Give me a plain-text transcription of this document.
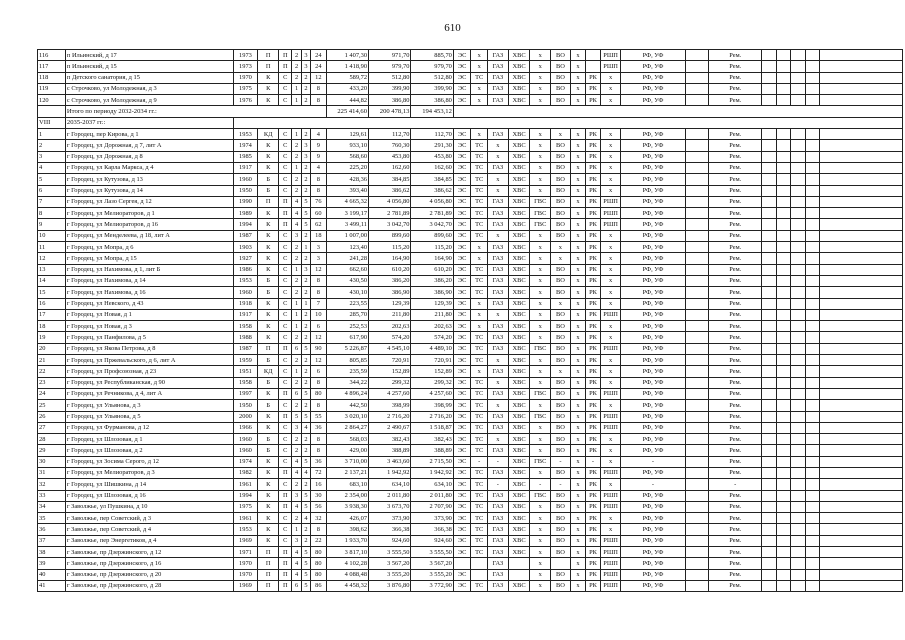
610
116	п Ильинский, д 17	1973	П	П	2	3	24	1 407,30	971,70	885,70	ЭС	х	ГАЗ	ХВС	х	ВО	х		РШП	РФ, УФ		Рем.					
117	п Ильинский, д 15	1973	П	П	2	3	24	1 418,90	979,70	979,70	ЭС	х	ГАЗ	ХВС	х	ВО	х		РШП	РФ, УФ		Рем.					
118	п Детского санатория, д 15	1970	К	С	2	2	12	589,72	512,80	512,80	ЭС	ТС	ГАЗ	ХВС	х	ВО	х	РК	х	РФ, УФ		Рем.					
119	с Строчково, ул Молодежная, д 3	1975	К	С	1	2	8	433,20	399,90	399,90	ЭС	х	ГАЗ	ХВС	х	ВО	х	РК	х	РФ, УФ		Рем.					
120	с Строчково, ул Молодежная, д 9	1976	К	С	1	2	8	444,82	386,80	386,80	ЭС	х	ГАЗ	ХВС	х	ВО	х	РК	х	РФ, УФ		Рем.					
	Итого по периоду 2032-2034 гг.:							225 414,60	200 478,13	194 453,12																	
VIII	2035-2037 гг.:																										
1	г Городец, пер Кирова, д 1	1953	КД	С	1	2	4	129,61	112,70	112,70	ЭС	х	ГАЗ	ХВС	х	х	х	РК	х	РФ, УФ		Рем.					
2	г Городец, ул Дорожная, д 7, лит А	1974	К	С	2	3	9	933,10	760,30	291,30	ЭС	ТС	х	ХВС	х	ВО	х	РК	х	РФ, УФ		Рем.					
3	г Городец, ул Дорожная, д 8	1985	К	С	2	3	9	568,60	453,80	453,80	ЭС	ТС	х	ХВС	х	ВО	х	РК	х	РФ, УФ		Рем.					
4	г Городец, ул Карла Маркса, д 4	1917	К	С	1	2	4	225,20	162,60	162,60	ЭС	ТС	ГАЗ	ХВС	х	ВО	х	РК	х	РФ, УФ		Рем.					
5	г Городец, ул Кутузова, д 13	1960	Б	С	2	2	8	428,36	384,85	384,85	ЭС	ТС	х	ХВС	х	ВО	х	РК	х	РФ, УФ		Рем.					
6	г Городец, ул Кутузова, д 14	1950	Б	С	2	2	8	393,40	386,62	386,62	ЭС	ТС	х	ХВС	х	ВО	х	РК	х	РФ, УФ		Рем.					
7	г Городец, ул Лазо Сергея, д 12	1990	П	П	4	5	76	4 665,32	4 056,80	4 056,80	ЭС	ТС	ГАЗ	ХВС	ГВС	ВО	х	РК	РШП	РФ, УФ		Рем.					
8	г Городец, ул Мелиораторов, д 1	1989	К	П	4	5	60	3 199,17	2 781,89	2 781,89	ЭС	ТС	ГАЗ	ХВС	ГВС	ВО	х	РК	РШП	РФ, УФ		Рем.					
9	г Городец, ул Мелиораторов, д 16	1994	К	П	4	5	62	3 499,11	3 042,70	3 042,70	ЭС	ТС	ГАЗ	ХВС	ГВС	ВО	х	РК	РШП	РФ, УФ		Рем.					
10	г Городец, ул Менделеева, д 18, лит А	1987	К	С	3	2	18	1 007,00	899,60	899,60	ЭС	ТС	х	ХВС	х	ВО	х	РК	х	РФ, УФ		Рем.					
11	г Городец, ул Мопра, д 6	1903	К	С	2	1	3	123,40	115,20	115,20	ЭС	х	ГАЗ	ХВС	х	х	х	РК	х	РФ, УФ		Рем.					
12	г Городец, ул Мопра, д 15	1927	К	С	2	2	3	241,28	164,90	164,90	ЭС	х	ГАЗ	ХВС	х	х	х	РК	х	РФ, УФ		Рем.					
13	г Городец, ул Нахимова, д 1, лит Б	1986	К	С	1	3	12	662,60	610,20	610,20	ЭС	ТС	ГАЗ	ХВС	х	ВО	х	РК	х	РФ, УФ		Рем.					
14	г Городец, ул Нахимова, д 14	1953	Б	С	2	2	8	430,50	386,20	386,20	ЭС	ТС	ГАЗ	ХВС	х	ВО	х	РК	х	РФ, УФ		Рем.					
15	г Городец, ул Нахимова, д 16	1960	Б	С	2	2	8	430,10	386,90	386,90	ЭС	ТС	ГАЗ	ХВС	х	ВО	х	РК	х	РФ, УФ		Рем.					
16	г Городец, ул Невского, д 43	1918	К	С	1	1	7	223,55	129,39	129,39	ЭС	х	ГАЗ	ХВС	х	х	х	РК	х	РФ, УФ		Рем.					
17	г Городец, ул Новая, д 1	1917	К	С	1	2	10	285,70	211,80	211,80	ЭС	х	х	ХВС	х	ВО	х	РК	РШП	РФ, УФ		Рем.					
18	г Городец, ул Новая, д 3	1958	К	С	1	2	6	252,53	202,63	202,63	ЭС	х	ГАЗ	ХВС	х	ВО	х	РК	х	РФ, УФ		Рем.					
19	г Городец, ул Панфилова, д 5	1988	К	С	2	2	12	617,90	574,20	574,20	ЭС	ТС	ГАЗ	ХВС	х	ВО	х	РК	х	РФ, УФ		Рем.					
20	г Городец, ул Якова Петрова, д 8	1987	П	П	6	5	90	5 226,87	4 545,10	4 489,10	ЭС	ТС	ГАЗ	ХВС	ГВС	ВО	х	РК	РШП	РФ, УФ		Рем.					
21	г Городец, ул Пржевальского, д 6, лит А	1959	Б	С	2	2	12	805,85	720,91	720,91	ЭС	ТС	х	ХВС	х	ВО	х	РК	х	РФ, УФ		Рем.					
22	г Городец, ул Профсоюзная, д 23	1951	КД	С	1	2	6	235,59	152,89	152,89	ЭС	х	ГАЗ	ХВС	х	х	х	РК	х	РФ, УФ		Рем.					
23	г Городец, ул Республиканская, д 90	1958	Б	С	2	2	8	344,22	299,32	299,32	ЭС	ТС	х	ХВС	х	ВО	х	РК	х	РФ, УФ		Рем.					
24	г Городец, ул Речникова, д 4, лит А	1997	К	П	6	5	80	4 896,24	4 257,60	4 257,60	ЭС	ТС	ГАЗ	ХВС	ГВС	ВО	х	РК	РШП	РФ, УФ		Рем.					
25	г Городец, ул Ульянова, д 3	1950	Б	С	2	2	8	442,50	398,99	398,99	ЭС	ТС	х	ХВС	х	ВО	х	РК	х	РФ, УФ		Рем.					
26	г Городец, ул Ульянова, д 5	2000	К	П	5	5	55	3 020,10	2 716,20	2 716,20	ЭС	ТС	ГАЗ	ХВС	ГВС	ВО	х	РК	РШП	РФ, УФ		Рем.					
27	г Городец, ул Фурманова, д 12	1966	К	С	3	4	36	2 864,27	2 490,67	1 518,87	ЭС	ТС	ГАЗ	ХВС	х	ВО	х	РК	РШП	РФ, УФ		Рем.					
28	г Городец, ул Шлозовая, д 1	1960	Б	С	2	2	8	568,03	382,43	382,43	ЭС	ТС	х	ХВС	х	ВО	х	РК	х	РФ, УФ		Рем.					
29	г Городец, ул Шлозовая, д 2	1960	Б	С	2	2	8	429,00	388,89	388,89	ЭС	ТС	ГАЗ	ХВС	х	ВО	х	РК	х	РФ, УФ		Рем.					
30	г Городец, ул Зосима Серого, д 12	1974	К	С	4	5	36	3 710,00	3 463,60	2 715,50	ЭС	-	-	ХВС	ГВС	-	х	-	х	-		Рем.					
31	г Городец, ул Мелиораторов, д 3	1982	К	П	4	4	72	2 137,21	1 942,92	1 942,92	ЭС	ТС	ГАЗ	ХВС	х	ВО	х	РК	РШП	РФ, УФ		Рем.					
32	г Городец, ул Шишкина, д 14	1961	К	С	2	2	16	683,10	634,10	634,10	ЭС	ТС	-	ХВС	-	-	х	РК	х	-		-					
33	г Городец, ул Шлозовая, д 16	1994	К	П	3	5	30	2 354,00	2 011,80	2 011,80	ЭС	ТС	ГАЗ	ХВС	ГВС	ВО	х	РК	РШП	РФ, УФ		Рем.					
34	г Заволжье, ул Пушкина, д 10	1975	К	П	4	5	56	3 938,30	3 673,70	2 707,90	ЭС	ТС	ГАЗ	ХВС	х	ВО	х	РК	РШП	РФ, УФ		Рем.					
35	г Заволжье, пер Советский, д 3	1961	К	С	2	4	32	426,07	373,90	373,90	ЭС	ТС	ГАЗ	ХВС	х	ВО	х	РК	х	РФ, УФ		Рем.					
36	г Заволжье, пер Советский, д 4	1953	К	С	1	2	8	398,62	366,38	366,38	ЭС	ТС	ГАЗ	ХВС	х	ВО	х	РК	х	РФ, УФ		Рем.					
37	г Заволжье, пер Энергетиков, д 4	1969	К	С	3	2	22	1 933,70	924,60	924,60	ЭС	ТС	ГАЗ	ХВС	х	ВО	х	РК	РШП	РФ, УФ		Рем.					
38	г Заволжье, пр Дзержинского, д 12	1971	П	П	4	5	80	3 817,10	3 555,50	3 555,50	ЭС	ТС	ГАЗ	ХВС	х	ВО	х	РК	РШП	РФ, УФ		Рем.					
39	г Заволжье, пр Дзержинского, д 16	1970	П	П	4	5	80	4 102,28	3 567,20	3 567,20			ГАЗ		х		х	РК	РШП	РФ, УФ		Рем.					
40	г Заволжье, пр Дзержинского, д 20	1970	П	П	4	5	80	4 088,48	3 555,20	3 555,20	ЭС		ГАЗ		х	ВО	х	РК	РШП	РФ, УФ		Рем.					
41	г Заволжье, пр Дзержинского, д 28	1969	П	П	6	5	86	4 458,32	3 876,80	3 772,90	ЭС	ТС	ГАЗ	ХВС	х	ВО	х	РК	РШП	РФ, УФ		Рем.					
